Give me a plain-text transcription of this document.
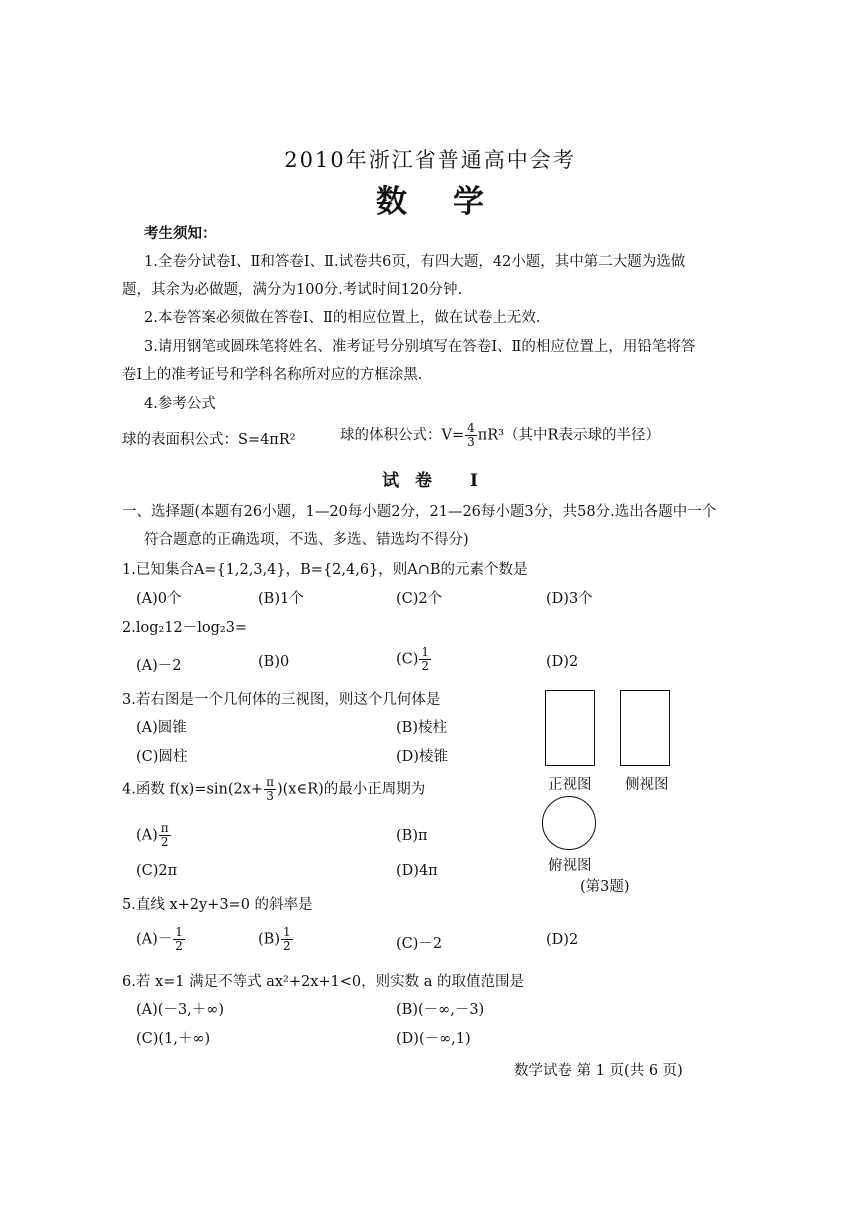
2010年浙江省普通高中会考
数学
考生须知：
1.全卷分试卷Ⅰ、Ⅱ和答卷Ⅰ、Ⅱ.试卷共6页，有四大题，42小题，其中第二大题为选做
题，其余为必做题，满分为100分.考试时间120分钟.
2.本卷答案必须做在答卷Ⅰ、Ⅱ的相应位置上，做在试卷上无效.
3.请用钢笔或圆珠笔将姓名、准考证号分别填写在答卷Ⅰ、Ⅱ的相应位置上，用铅笔将答
卷Ⅰ上的准考证号和学科名称所对应的方框涂黑.
4.参考公式
球的表面积公式：S=4πR²	球的体积公式：$V= \frac{4}{3} \pi R^3$（其中R表示球的半径）
试卷 Ⅰ
一、选择题(本题有26小题，1—20每小题2分，21—26每小题3分，共58分.选出各题中一个
符合题意的正确选项，不选、多选、错选均不得分)
1.已知集合A={1,2,3,4}，B={2,4,6}，则A∩B的元素个数是
(A)0个	(B)1个	(C)2个	(D)3个
2.log₂12－log₂3=
(A)－2	(B)0	$(C) \frac{1}{2}$	(D)2
3.若右图是一个几何体的三视图，则这个几何体是
(A)圆锥	(B)棱柱
(C)圆柱	(D)棱锥
4.函数 $f(x)=\sin(2x+ \frac{\pi}{3}$ )(x∈R)的最小正周期为
$(A) \frac{\pi}{2}$	(B)π
(C)2π	(D)4π
5.直线 x+2y+3=0 的斜率是
$(A)- \frac{1}{2}$	$(B) \frac{1}{2}$	(C)－2	(D)2
6.若 x=1 满足不等式 ax²+2x+1<0，则实数 a 的取值范围是
(A)(－3,＋∞)	(B)(－∞,－3)
(C)(1,＋∞)	(D)(－∞,1)
正视图 侧视图
俯视图
(第3题)
数学试卷 第 1 页(共 6 页)
